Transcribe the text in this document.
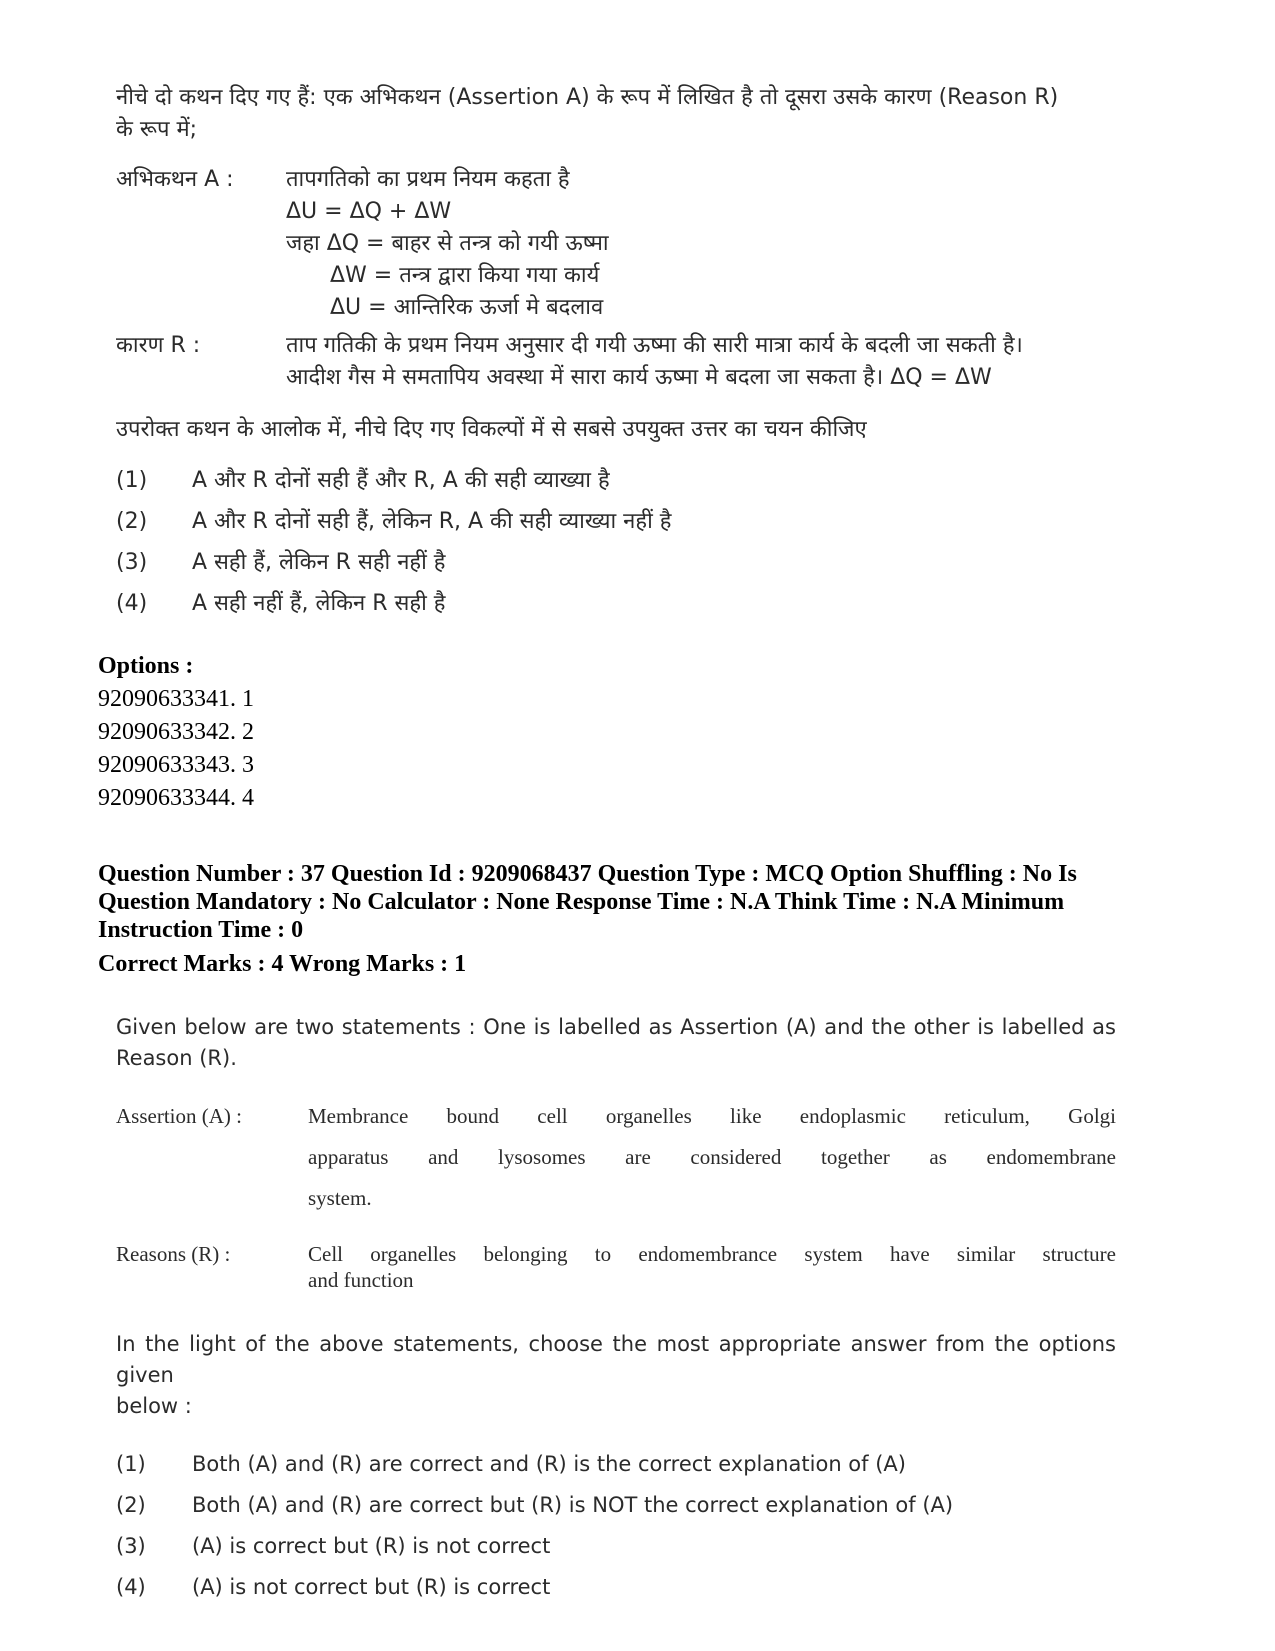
नीचे दो कथन दिए गए हैं: एक अभिकथन (Assertion A) के रूप में लिखित है तो दूसरा उसके कारण (Reason R)

के रूप में;

अभिकथन A :	तापगतिको का प्रथम नियम कहता है

ΔU = ΔQ + ΔW

जहा ΔQ = बाहर से तन्त्र को गयी ऊष्मा

ΔW = तन्त्र द्वारा किया गया कार्य

ΔU = आन्तिरिक ऊर्जा मे बदलाव

कारण R :	ताप गतिकी के प्रथम नियम अनुसार दी गयी ऊष्मा की सारी मात्रा कार्य के बदली जा सकती है।

आदीश गैस मे समतापिय अवस्था में सारा कार्य ऊष्मा मे बदला जा सकता है। ΔQ = ΔW

उपरोक्त कथन के आलोक में, नीचे दिए गए विकल्पों में से सबसे उपयुक्त उत्तर का चयन कीजिए

(1)	A और R दोनों सही हैं और R, A की सही व्याख्या है
(2)	A और R दोनों सही हैं, लेकिन R, A की सही व्याख्या नहीं है
(3)	A सही हैं, लेकिन R सही नहीं है
(4)	A सही नहीं हैं, लेकिन R सही है
Options :
92090633341. 1
92090633342. 2
92090633343. 3
92090633344. 4
Question Number : 37 Question Id : 9209068437 Question Type : MCQ Option Shuffling : No Is
Question Mandatory : No Calculator : None Response Time : N.A Think Time : N.A Minimum
Instruction Time : 0
Correct Marks : 4 Wrong Marks : 1
Given below are two statements : One is labelled as Assertion (A) and the other is labelled as
Reason (R).
Assertion (A) :	Membrance bound cell organelles like endoplasmic reticulum, Golgi
apparatus and lysosomes are considered together as endomembrane
system.
Reasons (R) :	Cell organelles belonging to endomembrance system have similar structure
and function
In the light of the above statements, choose the most appropriate answer from the options given
below :
(1)	Both (A) and (R) are correct and (R) is the correct explanation of (A)
(2)	Both (A) and (R) are correct but (R) is NOT the correct explanation of (A)
(3)	(A) is correct but (R) is not correct
(4)	(A) is not correct but (R) is correct
